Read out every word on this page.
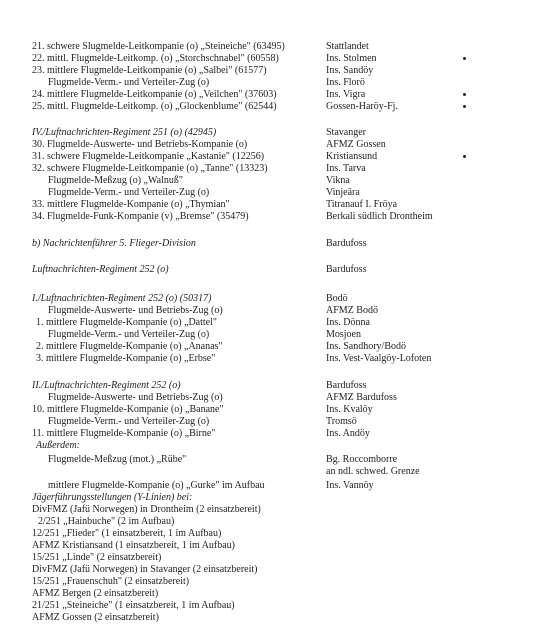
21. schwere Slugmelde-Leitkompanie (o) „Steineiche" (63495)	Stattlandet
22. mittl. Flugmelde-Leitkomp. (o) „Storchschnabel" (60558)	Ins. Stolmen
23. mittlere Flugmelde-Leitkompanie (o) „Salbei" (61577)	Ins. Sandöy
Flugmelde-Verm.- und Verteiler-Zug (o)	Ins. Florö
24. mittlere Flugmelde-Leitkompanie (o) „Veilchen" (37603)	Ins. Vigra
25. mittl. Flugmelde-Leitkomp. (o) „Glockenblume" (62544)	Gossen-Haröy-Fj.
IV./Luftnachrichten-Regiment 251 (o) (42945)	Stavanger
30. Flugmelde-Auswerte- und Betriebs-Kompanie (o)	AFMZ Gossen
31. schwere Flugmelde-Leitkompanie „Kastanie" (12256)	Kristiansund
32. schwere Flugmelde-Leitkompanie (o) „Tanne" (13323)	Ins. Tarva
Flugmelde-Meßzug (o) „Walnuß"	Vikna
Flugmelde-Verm.- und Verteiler-Zug (o)	Vinjeära
33. mittlere Flugmelde-Kompanie (o) „Thymian"	Titranauf I. Fröya
34. Flugmelde-Funk-Kompanie (v) „Bremse" (35479)	Berkali südlich Drontheim
b) Nachrichtenführer 5. Flieger-Division	Bardufoss
Luftnachrichten-Regiment 252 (o)	Bardufoss
I./Luftnachrichten-Regiment 252 (o) (50317)	Bodö
Flugmelde-Auswerte- und Betriebs-Zug (o)	AFMZ Bodö
1. mittlere Flugmelde-Kompanie (o) „Dattel"	Ins. Dönna
Flugmelde-Verm.- und Verteiler-Zug (o)	Mosjoen
2. mittlere Flugmelde-Kompanie (o) „Ananas"	Ins. Sandhory/Bodö
3. mittlere Flugmelde-Kompanie (o) „Erbse"	Ins. Vest-Vaalgöy-Lofoten
II./Luftnachrichten-Regiment 252 (o)	Bardufoss
Flugmelde-Auswerte- und Betriebs-Zug (o)	AFMZ Bardufoss
10. mittlere Flugmelde-Kompanie (o) „Banane"	Ins. Kvalöy
Flugmelde-Verm.- und Verteiler-Zug (o)	Tromsö
11. mittlere Flugmelde-Kompanie (o) „Birne"	Ins. Andöy
Außerdem:
Flugmelde-Meßzug (mot.) „Rübe"	Bg. Roccomborre
an ndl. schwed. Grenze
mittlere Flugmelde-Kompanie (o) „Gurke" im Aufbau	Ins. Vannöy
Jägerführungsstellungen (Y-Linien) bei:
DivFMZ (Jafü Norwegen) in Drontheim (2 einsatzbereit)
2/251 „Hainbuche" (2 im Aufbau)
12/251 „Flieder" (1 einsatzbereit, 1 im Aufbau)
AFMZ Kristiansand (1 einsatzbereit, 1 im Aufbau)
15/251 „Linde" (2 einsatzbereit)
DivFMZ (Jafü Norwegen) in Stavanger (2 einsatzbereit)
15/251 „Frauenschuh" (2 einsatzbereit)
AFMZ Bergen (2 einsatzbereit)
21/251 „Steineiche" (1 einsatzbereit, 1 im Aufbau)
AFMZ Gossen (2 einsatzbereit)
